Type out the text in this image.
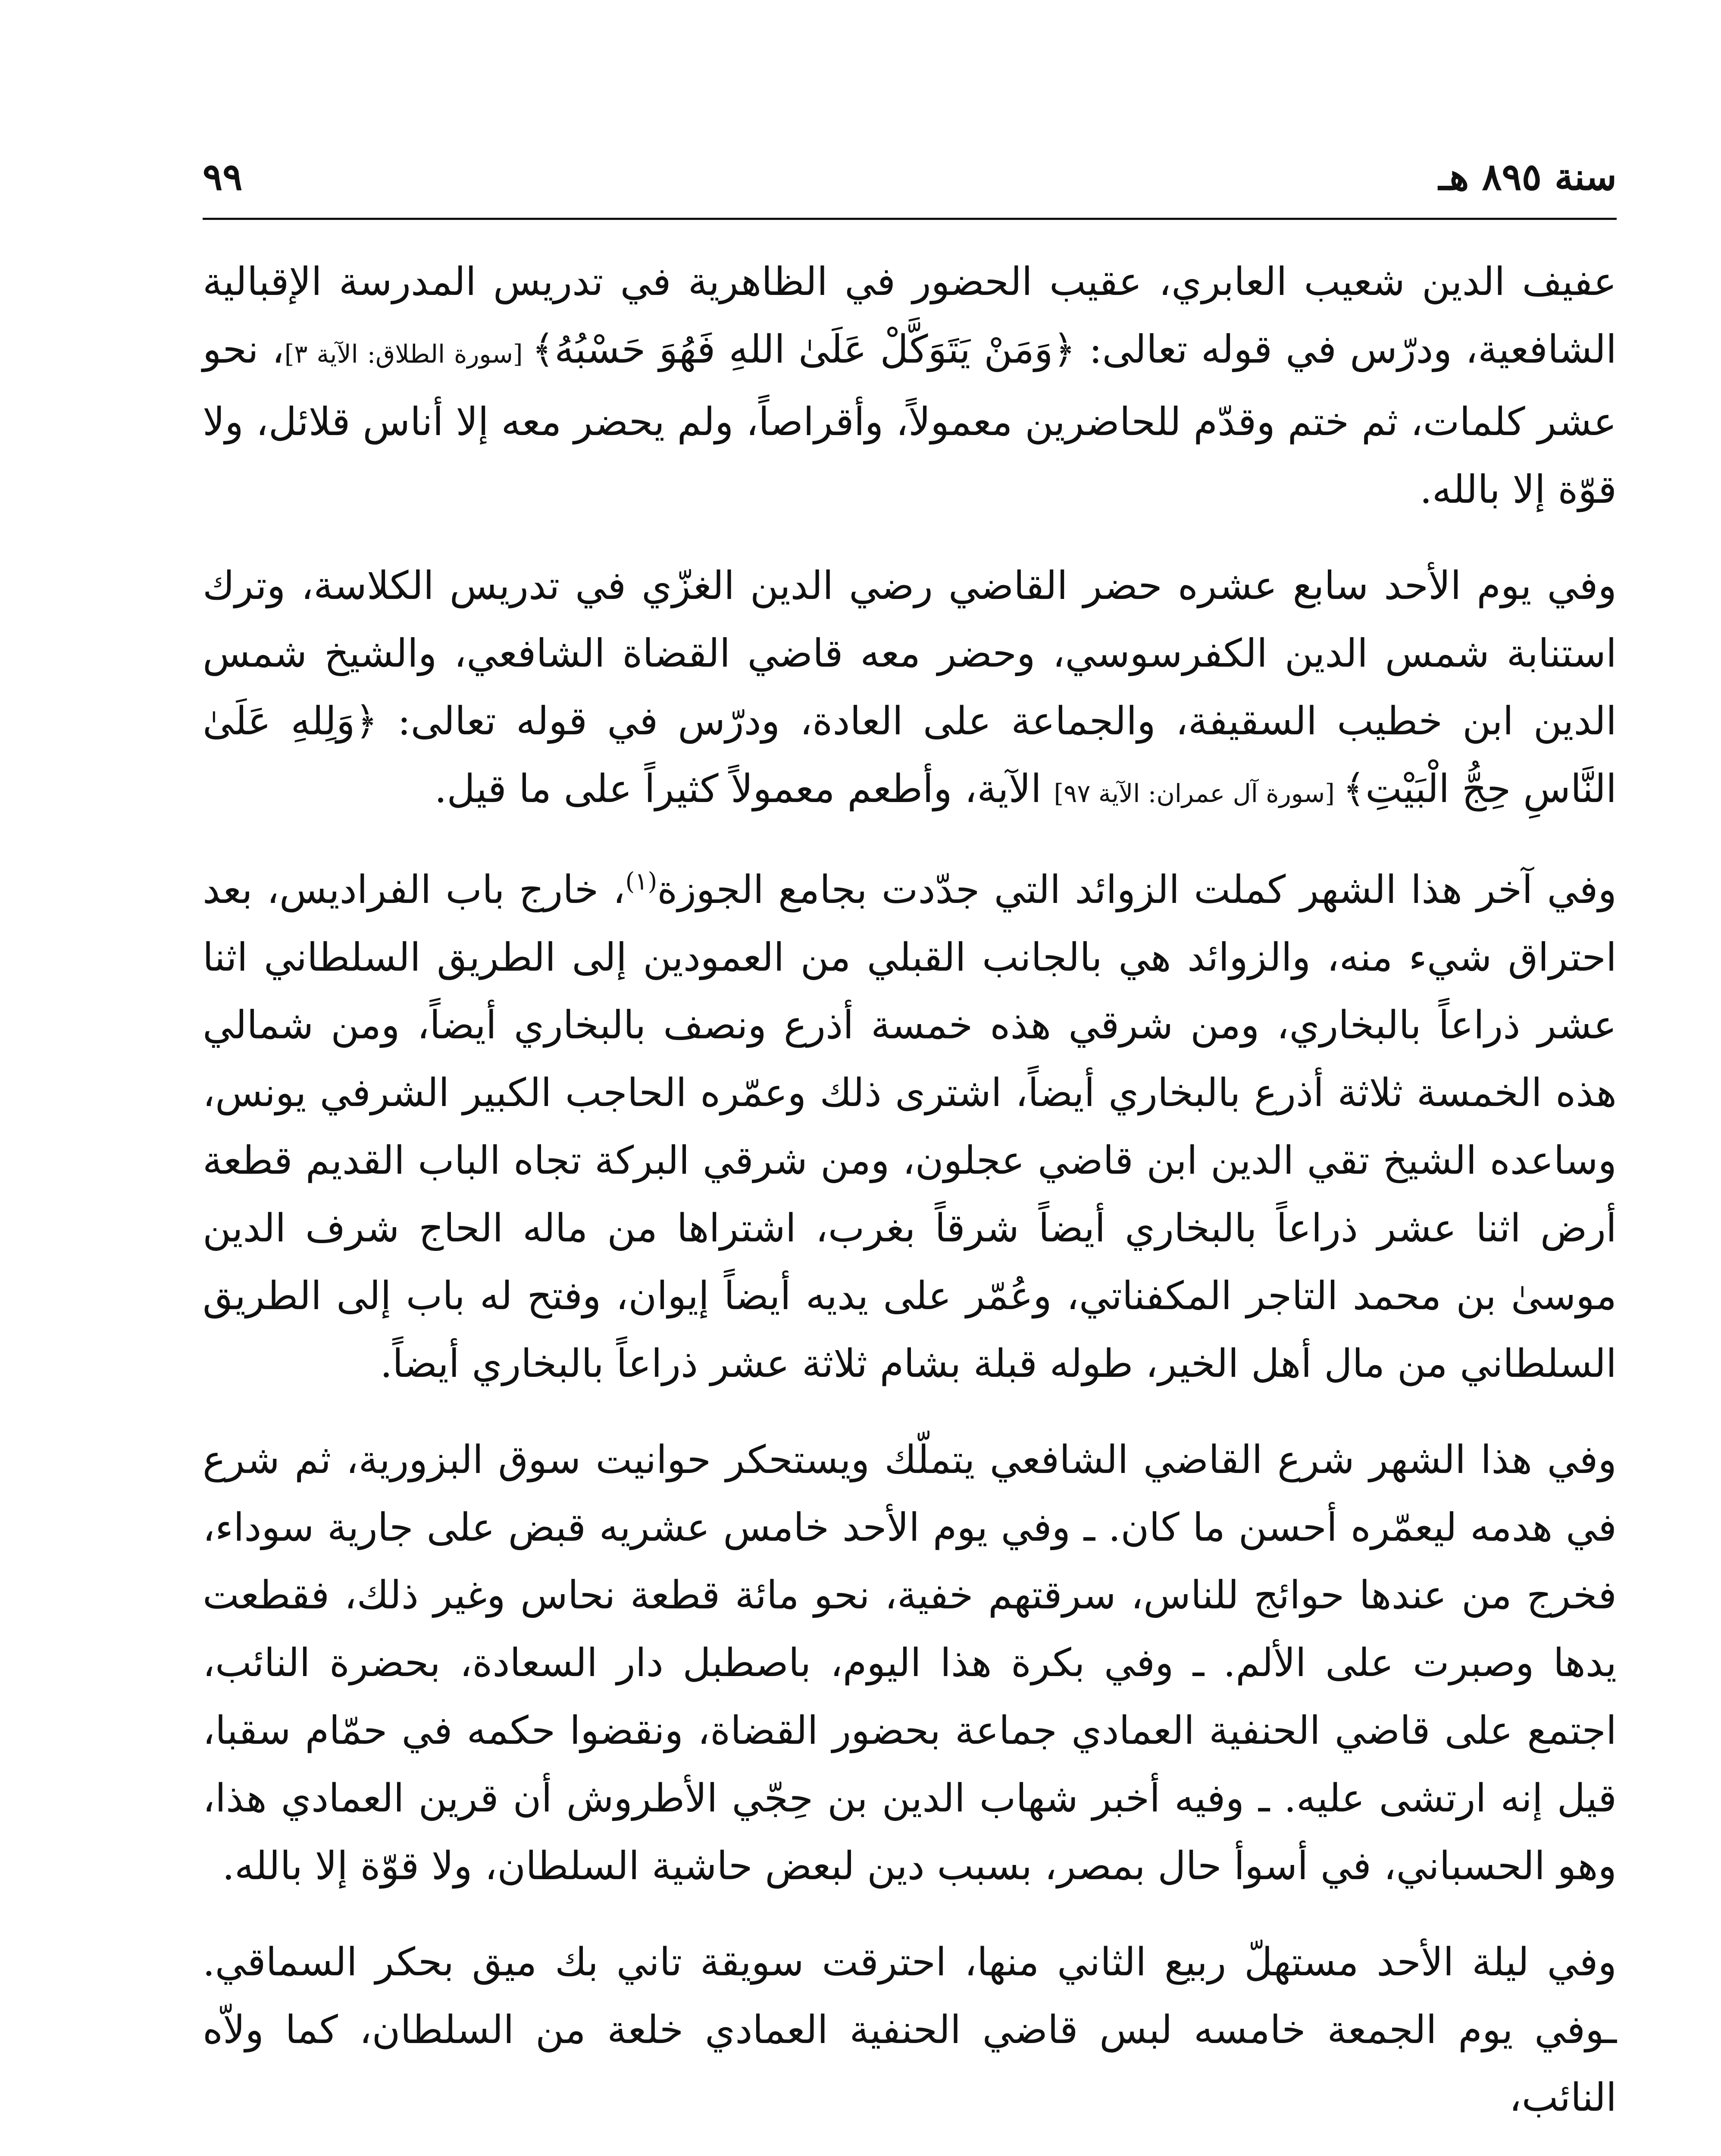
سنة ٨٩٥ هـ
٩٩

عفيف الدين شعيب العابري، عقيب الحضور في الظاهرية في تدريس المدرسة الإقبالية الشافعية، ودرّس في قوله تعالى: ﴿وَمَنْ يَتَوَكَّلْ عَلَىٰ اللهِ فَهُوَ حَسْبُهُ﴾ [سورة الطلاق: الآية ٣]، نحو عشر كلمات، ثم ختم وقدّم للحاضرين معمولاً، وأقراصاً، ولم يحضر معه إلا أناس قلائل، ولا قوّة إلا بالله.

وفي يوم الأحد سابع عشره حضر القاضي رضي الدين الغزّي في تدريس الكلاسة، وترك استنابة شمس الدين الكفرسوسي، وحضر معه قاضي القضاة الشافعي، والشيخ شمس الدين ابن خطيب السقيفة، والجماعة على العادة، ودرّس في قوله تعالى: ﴿وَلِلهِ عَلَىٰ النَّاسِ حِجُّ الْبَيْتِ﴾ [سورة آل عمران: الآية ٩٧] الآية، وأطعم معمولاً كثيراً على ما قيل.

وفي آخر هذا الشهر كملت الزوائد التي جدّدت بجامع الجوزة$^{(١)}$، خارج باب الفراديس، بعد احتراق شيء منه، والزوائد هي بالجانب القبلي من العمودين إلى الطريق السلطاني اثنا عشر ذراعاً بالبخاري، ومن شرقي هذه خمسة أذرع ونصف بالبخاري أيضاً، ومن شمالي هذه الخمسة ثلاثة أذرع بالبخاري أيضاً، اشترى ذلك وعمّره الحاجب الكبير الشرفي يونس، وساعده الشيخ تقي الدين ابن قاضي عجلون، ومن شرقي البركة تجاه الباب القديم قطعة أرض اثنا عشر ذراعاً بالبخاري أيضاً شرقاً بغرب، اشتراها من ماله الحاج شرف الدين موسىٰ بن محمد التاجر المكفناتي، وعُمّر على يديه أيضاً إيوان، وفتح له باب إلى الطريق السلطاني من مال أهل الخير، طوله قبلة بشام ثلاثة عشر ذراعاً بالبخاري أيضاً.

وفي هذا الشهر شرع القاضي الشافعي يتملّك ويستحكر حوانيت سوق البزورية، ثم شرع في هدمه ليعمّره أحسن ما كان. ـ وفي يوم الأحد خامس عشريه قبض على جارية سوداء، فخرج من عندها حوائج للناس، سرقتهم خفية، نحو مائة قطعة نحاس وغير ذلك، فقطعت يدها وصبرت على الألم. ـ وفي بكرة هذا اليوم، باصطبل دار السعادة، بحضرة النائب، اجتمع على قاضي الحنفية العمادي جماعة بحضور القضاة، ونقضوا حكمه في حمّام سقبا، قيل إنه ارتشى عليه. ـ وفيه أخبر شهاب الدين بن حِجّي الأطروش أن قرين العمادي هذا، وهو الحسباني، في أسوأ حال بمصر، بسبب دين لبعض حاشية السلطان، ولا قوّة إلا بالله.

وفي ليلة الأحد مستهلّ ربيع الثاني منها، احترقت سويقة تاني بك ميق بحكر السماقي. ـوفي يوم الجمعة خامسه لبس قاضي الحنفية العمادي خلعة من السلطان، كما ولاّه النائب،
